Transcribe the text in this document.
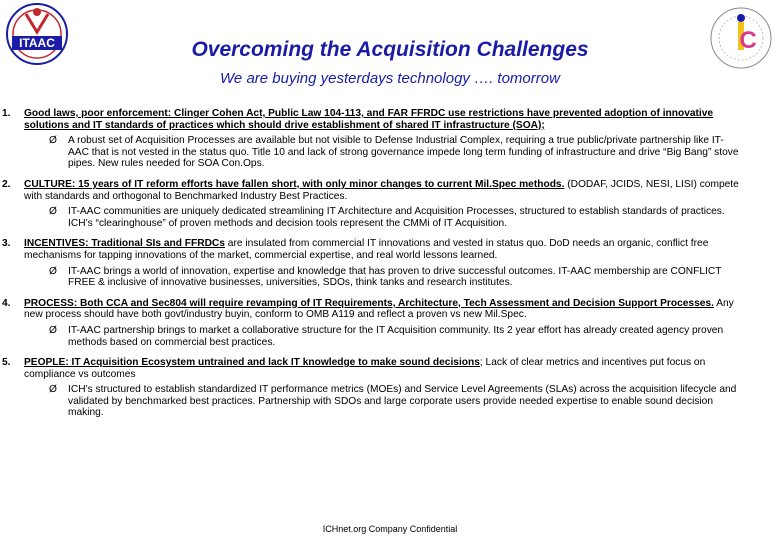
ITAAC	C
Overcoming the Acquisition Challenges
We are buying yesterdays technology …. tomorrow
1. Good laws, poor enforcement: Clinger Cohen Act, Public Law 104-113, and FAR FFRDC use restrictions have prevented adoption of innovative solutions and IT standards of practices which should drive establishment of shared IT infrastructure (SOA);
Ø A robust set of Acquisition Processes are available but not visible to Defense Industrial Complex, requiring a true public/private partnership like IT-AAC that is not vested in the status quo. Title 10 and lack of strong governance impede long term funding of infrastructure and drive “Big Bang” stove pipes. New rules needed for SOA Con.Ops.
2. CULTURE: 15 years of IT reform efforts have fallen short, with only minor changes to current Mil.Spec methods. (DODAF, JCIDS, NESI, LISI) compete with standards and orthogonal to Benchmarked Industry Best Practices.
Ø IT-AAC communities are uniquely dedicated streamlining IT Architecture and Acquisition Processes, structured to establish standards of practices. ICH’s “clearinghouse” of proven methods and decision tools represent the CMMi of IT Acquisition.
3. INCENTIVES: Traditional SIs and FFRDCs are insulated from commercial IT innovations and vested in status quo. DoD needs an organic, conflict free mechanisms for tapping innovations of the market, commercial expertise, and real world lessons learned.
Ø IT-AAC brings a world of innovation, expertise and knowledge that has proven to drive successful outcomes. IT-AAC membership are CONFLICT FREE & inclusive of innovative businesses, universities, SDOs, think tanks and research institutes.
4. PROCESS: Both CCA and Sec804 will require revamping of IT Requirements, Architecture, Tech Assessment and Decision Support Processes. Any new process should have both govt/industry buyin, conform to OMB A119 and reflect a proven vs new Mil.Spec.
Ø IT-AAC partnership brings to market a collaborative structure for the IT Acquisition community. Its 2 year effort has already created agency proven methods based on commercial best practices.
5. PEOPLE: IT Acquisition Ecosystem untrained and lack IT knowledge to make sound decisions; Lack of clear metrics and incentives put focus on compliance vs outcomes
Ø ICH’s structured to establish standardized IT performance metrics (MOEs) and Service Level Agreements (SLAs) across the acquisition lifecycle and validated by benchmarked best practices. Partnership with SDOs and large corporate users provide needed expertise to enable sound decision making.
ICHnet.org Company Confidential
